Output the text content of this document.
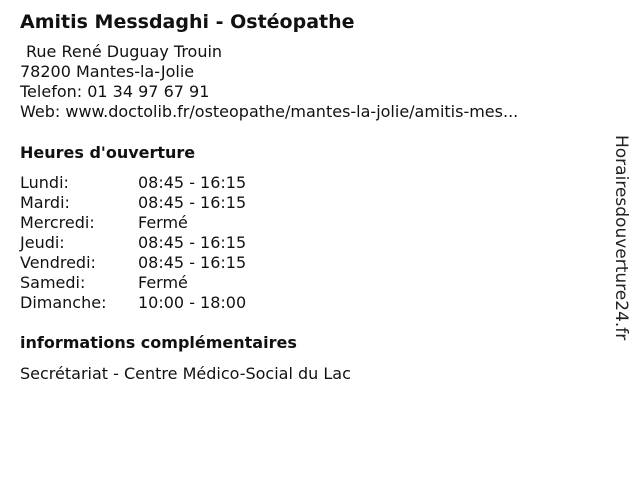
Amitis Messdaghi - Ostéopathe
Rue René Duguay Trouin
78200 Mantes-la-Jolie
Telefon: 01 34 97 67 91
Web: www.doctolib.fr/osteopathe/mantes-la-jolie/amitis-mes...
Heures d'ouverture
Lundi:	08:45 - 16:15
Mardi:	08:45 - 16:15
Mercredi:	Fermé
Jeudi:	08:45 - 16:15
Vendredi:	08:45 - 16:15
Samedi:	Fermé
Dimanche:	10:00 - 18:00
informations complémentaires
Secrétariat - Centre Médico-Social du Lac
Horairesdouverture24.fr
